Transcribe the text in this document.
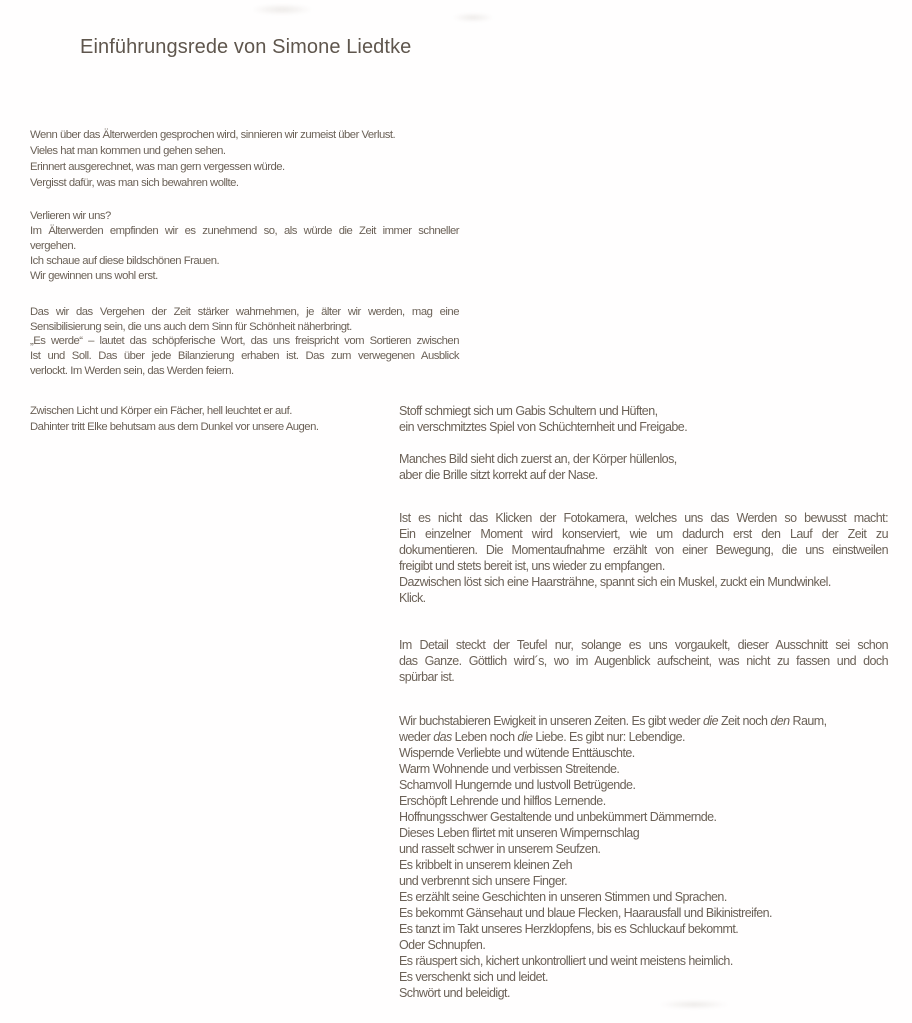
Einführungsrede von Simone Liedtke
Wenn über das Älterwerden gesprochen wird, sinnieren wir zumeist über Verlust.
Vieles hat man kommen und gehen sehen.
Erinnert ausgerechnet, was man gern vergessen würde.
Vergisst dafür, was man sich bewahren wollte.
Verlieren wir uns?
Im Älterwerden empfinden wir es zunehmend so, als würde die Zeit immer schneller
vergehen.
Ich schaue auf diese bildschönen Frauen.
Wir gewinnen uns wohl erst.
Das wir das Vergehen der Zeit stärker wahrnehmen, je älter wir werden, mag eine
Sensibilisierung sein, die uns auch dem Sinn für Schönheit näherbringt.
„Es werde“ – lautet das schöpferische Wort, das uns freispricht vom Sortieren zwischen
Ist und Soll. Das über jede Bilanzierung erhaben ist. Das zum verwegenen Ausblick
verlockt. Im Werden sein, das Werden feiern.
Zwischen Licht und Körper ein Fächer, hell leuchtet er auf.
Dahinter tritt Elke behutsam aus dem Dunkel vor unsere Augen.
Stoff schmiegt sich um Gabis Schultern und Hüften,
ein verschmitztes Spiel von Schüchternheit und Freigabe.

Manches Bild sieht dich zuerst an, der Körper hüllenlos,
aber die Brille sitzt korrekt auf der Nase.
Ist es nicht das Klicken der Fotokamera, welches uns das Werden so bewusst macht:
Ein einzelner Moment wird konserviert, wie um dadurch erst den Lauf der Zeit zu
dokumentieren. Die Momentaufnahme erzählt von einer Bewegung, die uns einstweilen
freigibt und stets bereit ist, uns wieder zu empfangen.
Dazwischen löst sich eine Haarsträhne, spannt sich ein Muskel, zuckt ein Mundwinkel.
Klick.
Im Detail steckt der Teufel nur, solange es uns vorgaukelt, dieser Ausschnitt sei schon
das Ganze. Göttlich wird´s, wo im Augenblick aufscheint, was nicht zu fassen und doch
spürbar ist.
Wir buchstabieren Ewigkeit in unseren Zeiten. Es gibt weder die Zeit noch den Raum,
weder das Leben noch die Liebe. Es gibt nur: Lebendige.
Wispernde Verliebte und wütende Enttäuschte.
Warm Wohnende und verbissen Streitende.
Schamvoll Hungernde und lustvoll Betrügende.
Erschöpft Lehrende und hilflos Lernende.
Hoffnungsschwer Gestaltende und unbekümmert Dämmernde.
Dieses Leben flirtet mit unseren Wimpernschlag
und rasselt schwer in unserem Seufzen.
Es kribbelt in unserem kleinen Zeh
und verbrennt sich unsere Finger.
Es erzählt seine Geschichten in unseren Stimmen und Sprachen.
Es bekommt Gänsehaut und blaue Flecken, Haarausfall und Bikinistreifen.
Es tanzt im Takt unseres Herzklopfens, bis es Schluckauf bekommt.
Oder Schnupfen.
Es räuspert sich, kichert unkontrolliert und weint meistens heimlich.
Es verschenkt sich und leidet.
Schwört und beleidigt.
